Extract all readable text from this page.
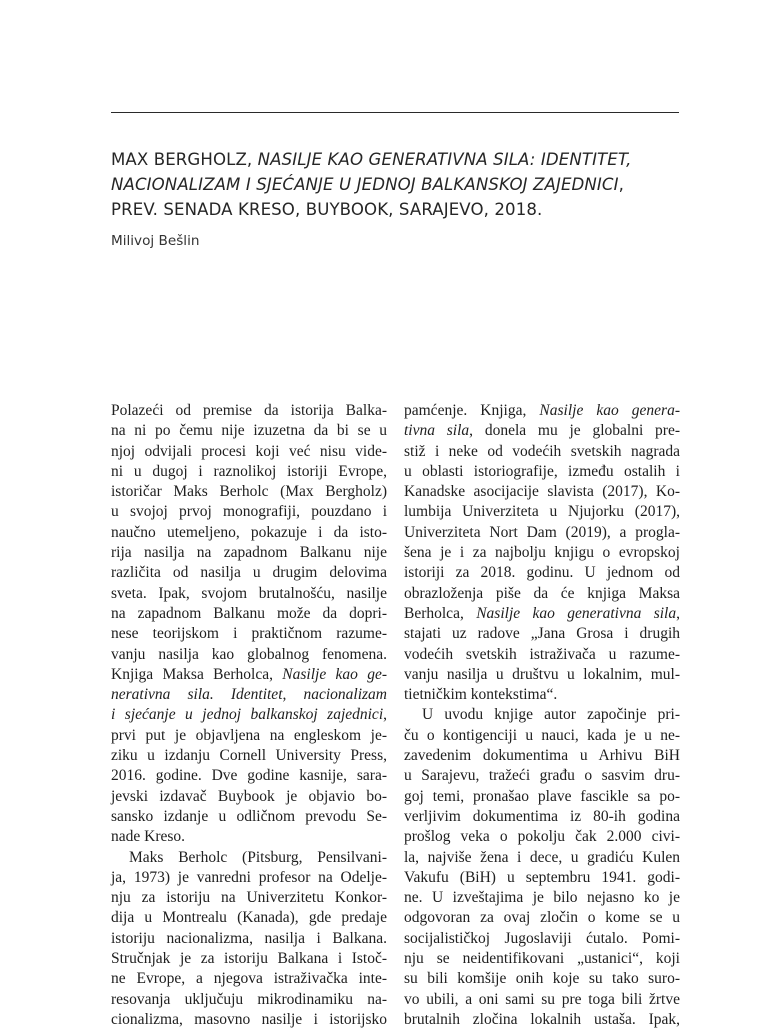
MAX BERGHOLZ, NASILJE KAO GENERATIVNA SILA: IDENTITET,
NACIONALIZAM I SJEĆANJE U JEDNOJ BALKANSKOJ ZAJEDNICI,
PREV. SENADA KRESO, BUYBOOK, SARAJEVO, 2018.
Milivoj Bešlin
Polazeći od premise da istorija Balka-
na ni po čemu nije izuzetna da bi se u
njoj odvijali procesi koji već nisu vide-
ni u dugoj i raznolikoj istoriji Evrope,
istoričar Maks Berholc (Max Bergholz)
u svojoj prvoj monografiji, pouzdano i
naučno utemeljeno, pokazuje i da isto-
rija nasilja na zapadnom Balkanu nije
različita od nasilja u drugim delovima
sveta. Ipak, svojom brutalnošću, nasilje
na zapadnom Balkanu može da dopri-
nese teorijskom i praktičnom razume-
vanju nasilja kao globalnog fenomena.
Knjiga Maksa Berholca, Nasilje kao ge-
nerativna sila. Identitet, nacionalizam
i sjećanje u jednoj balkanskoj zajednici,
prvi put je objavljena na engleskom je-
ziku u izdanju Cornell University Press,
2016. godine. Dve godine kasnije, sara-
jevski izdavač Buybook je objavio bo-
sansko izdanje u odličnom prevodu Se-
nade Kreso.
Maks Berholc (Pitsburg, Pensilvani-
ja, 1973) je vanredni profesor na Odelje-
nju za istoriju na Univerzitetu Konkor-
dija u Montrealu (Kanada), gde predaje
istoriju nacionalizma, nasilja i Balkana.
Stručnjak je za istoriju Balkana i Istoč-
ne Evrope, a njegova istraživačka inte-
resovanja uključuju mikrodinamiku na-
cionalizma, masovno nasilje i istorijsko
pamćenje. Knjiga, Nasilje kao genera-
tivna sila, donela mu je globalni pre-
stiž i neke od vodećih svetskih nagrada
u oblasti istoriografije, između ostalih i
Kanadske asocijacije slavista (2017), Ko-
lumbija Univerziteta u Njujorku (2017),
Univerziteta Nort Dam (2019), a progla-
šena je i za najbolju knjigu o evropskoj
istoriji za 2018. godinu. U jednom od
obrazloženja piše da će knjiga Maksa
Berholca, Nasilje kao generativna sila,
stajati uz radove „Jana Grosa i drugih
vodećih svetskih istraživača u razume-
vanju nasilja u društvu u lokalnim, mul-
tietničkim kontekstima“.
U uvodu knjige autor započinje pri-
ču o kontigenciji u nauci, kada je u ne-
zavedenim dokumentima u Arhivu BiH
u Sarajevu, tražeći građu o sasvim dru-
goj temi, pronašao plave fascikle sa po-
verljivim dokumentima iz 80-ih godina
prošlog veka o pokolju čak 2.000 civi-
la, najviše žena i dece, u gradiću Kulen
Vakufu (BiH) u septembru 1941. godi-
ne. U izveštajima je bilo nejasno ko je
odgovoran za ovaj zločin o kome se u
socijalističkoj Jugoslaviji ćutalo. Pomi-
nju se neidentifikovani „ustanici“, koji
su bili komšije onih koje su tako surо-
vo ubili, a oni sami su pre toga bili žrtve
brutalnih zločina lokalnih ustaša. Ipak,
